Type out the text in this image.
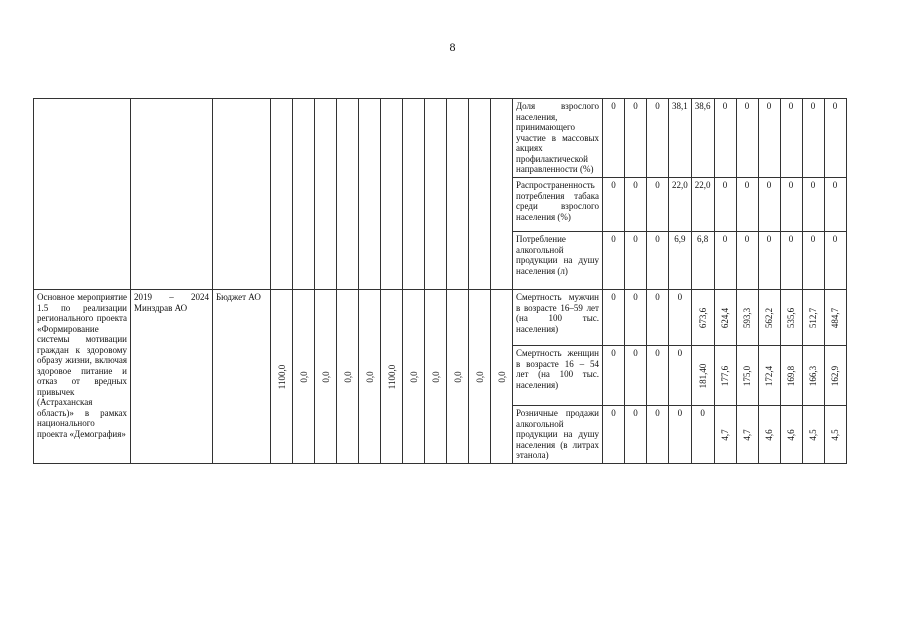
8
														Доля взрослого населения, принимающего участие в массовых акциях профилактической направленности (%)	0	0	0	38,1	38,6	0	0	0	0	0	0
														Распространенность потребления табака среди взрослого населения (%)	0	0	0	22,0	22,0	0	0	0	0	0	0
														Потребление алкогольной продукции на душу населения (л)	0	0	0	6,9	6,8	0	0	0	0	0	0
Основное мероприятие 1.5 по реализации регионального проекта «Формирование системы мотивации граждан к здоровому образу жизни, включая здоровое питание и отказ от вредных привычек (Астраханская область)» в рамках национального проекта «Демография»	2019 – 2024 Минздрав АО	Бюджет АО	1100,0	0,0	0,0	0,0	0,0	1100,0	0,0	0,0	0,0	0,0	0,0	Смертность мужчин в возрасте 16–59 лет (на 100 тыс. населения)	0	0	0	0	673,6	624,4	593,3	562,2	535,6	512,7	484,7

														Смертность женщин в возрасте 16 – 54 лет (на 100 тыс. населения)	0	0	0	0	181,40	177,6	175,0	172,4	169,8	166,3	162,9

														Розничные продажи алкогольной продукции на душу населения (в литрах этанола)	0	0	0	0	0	4,7	4,7	4,6	4,6	4,5	4,5
